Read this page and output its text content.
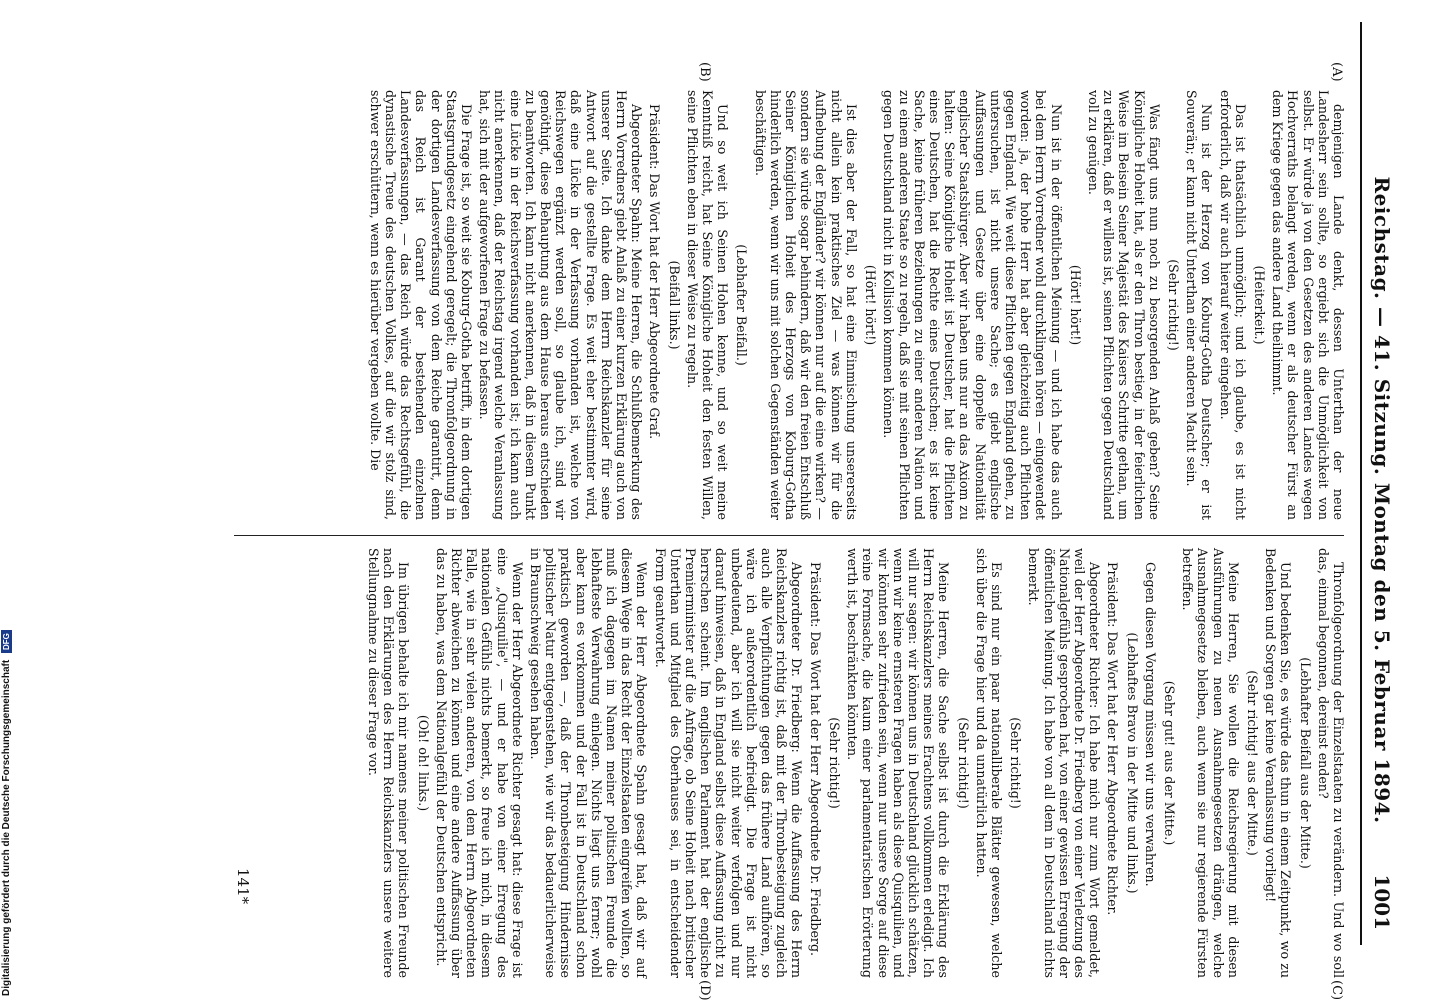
Reichstag. — 41. Sitzung. Montag den 5. Februar 1894.
1001
(A)
(B)
(C)
(D)

demjenigen Lande denkt, dessen Unterthan der neue Landesherr sein sollte, so ergiebt sich die Unmöglichkeit von selbst. Er würde ja von den Gesetzen des anderen Landes wegen Hochverraths belangt werden, wenn er als deutscher Fürst an dem Kriege gegen das andere Land theilnimmt.

(Heiterkeit.)

Das ist thatsächlich unmöglich; und ich glaube, es ist nicht erforderlich, daß wir auch hierauf weiter eingehen.

Nun ist der Herzog von Koburg-Gotha Deutscher; er ist Souverän; er kann nicht Unterthan einer anderen Macht sein.

(Sehr richtig!)

Was fängt uns nun noch zu besorgenden Anlaß geben? Seine Königliche Hoheit hat, als er den Thron bestieg, in der feierlichen Weise im Beisein Seiner Majestät des Kaisers Schritte gethan, um zu erklären, daß er willens ist, seinen Pflichten gegen Deutschland voll zu genügen.

(Hört! hört!)

Nun ist in der öffentlichen Meinung — und ich habe das auch bei dem Herrn Vorredner wohl durchklingen hören — eingewendet worden: ja, der hohe Herr hat aber gleichzeitig auch Pflichten gegen England. Wie weit diese Pflichten gegen England gehen, zu untersuchen, ist nicht unsere Sache; es giebt englische Auffassungen und Gesetze über eine doppelte Nationalität englischer Staatsbürger. Aber wir haben uns nur an das Axiom zu halten: Seine Königliche Hoheit ist Deutscher, hat die Pflichten eines Deutschen, hat die Rechte eines Deutschen; es ist keine Sache, keine früheren Beziehungen zu einer anderen Nation und zu einem anderen Staate so zu regeln, daß sie mit seinen Pflichten gegen Deutschland nicht in Kollision kommen können.

(Hört! hört!)

Ist dies aber der Fall, so hat eine Einmischung unsererseits nicht allein kein praktisches Ziel — was können wir für die Aufhebung der Engländer? wir können nur auf die eine wirken? — sondern sie würde sogar behindern, daß wir den freien Entschluß Seiner Königlichen Hoheit des Herzogs von Koburg-Gotha hinderlich werden, wenn wir uns mit solchen Gegenständen weiter beschäftigen.

(Lebhafter Beifall.)

Und so weit ich Seinen Hohen kenne, und so weit meine Kenntniß reicht, hat Seine Königliche Hoheit den festen Willen, seine Pflichten eben in dieser Weise zu regeln.

(Beifall links.)

Präsident: Das Wort hat der Herr Abgeordnete Graf.

Abgeordneter Spahn: Meine Herren, die Schlußbemerkung des Herrn Vorredners giebt Anlaß zu einer kurzen Erklärung auch von unserer Seite. Ich danke dem Herrn Reichskanzler für seine Antwort auf die gestellte Frage. Es weit eher bestimmter wird, daß eine Lücke in der Verfassung vorhanden ist, welche von Reichswegen ergänzt werden soll, so glaube ich, sind wir genöthigt, diese Behauptung aus dem Hause heraus entschieden zu beantworten. Ich kann nicht anerkennen, daß in diesem Punkt eine Lücke in der Reichsverfassung vorhanden ist; ich kann auch nicht anerkennen, daß der Reichstag irgend welche Veranlassung hat, sich mit der aufgeworfenen Frage zu befassen.

Die Frage ist, so weit sie Koburg-Gotha betrifft, in dem dortigen Staatsgrundgesetz eingehend geregelt; die Thronfolgeordnung in der dortigen Landesverfassung von dem Reiche garantirt, denn das Reich ist Garant der bestehenden einzelnen Landesverfassungen, — das Reich würde das Rechtsgefühl, die dynastische Treue des deutschen Volkes, auf die wir stolz sind, schwer erschüttern, wenn es hierüber vergeben wollte. Die

Thronfolgeordnung der Einzelstaaten zu verändern. Und wo soll das, einmal begonnen, dereinst enden?

(Lebhafter Beifall aus der Mitte.)

Und bedenken Sie, es würde das thun in einem Zeitpunkt, wo zu Bedenken und Sorgen gar keine Veranlassung vorliegt!

(Sehr richtig! aus der Mitte.)

Meine Herren, Sie wollen die Reichsregierung mit diesen Ausführungen zu neuen Ausnahmegesetzen drängen, welche Ausnahmegesetze bleiben, auch wenn sie nur regierende Fürsten betreffen.

(Sehr gut! aus der Mitte.)

Gegen diesen Vorgang müssen wir uns verwahren.

(Lebhaftes Bravo in der Mitte und links.)

Präsident: Das Wort hat der Herr Abgeordnete Richter.

Abgeordneter Richter: Ich habe mich nur zum Wort gemeldet, weil der Herr Abgeordnete Dr. Friedberg von einer Verletzung des Nationalgefühls gesprochen hat, von einer gewissen Erregung der öffentlichen Meinung. Ich habe von all dem in Deutschland nichts bemerkt.

(Sehr richtig!)

Es sind nur ein paar nationalliberale Blätter gewesen, welche sich über die Frage hier und da unnatürlich hatten.

(Sehr richtig!)

Meine Herren, die Sache selbst ist durch die Erklärung des Herrn Reichskanzlers meines Erachtens vollkommen erledigt. Ich will nur sagen: wir können uns in Deutschland glücklich schätzen, wenn wir keine ernsteren Fragen haben als diese Quisquilien, und wir könnten sehr zufrieden sein, wenn nur unsere Sorge auf diese reine Formsache, die kaum einer parlamentarischen Erörterung werth ist, beschränkten könnten.

(Sehr richtig!)

Präsident: Das Wort hat der Herr Abgeordnete Dr. Friedberg.

Abgeordneter Dr. Friedberg: Wenn die Auffassung des Herrn Reichskanzlers richtig ist, daß mit der Thronbesteigung zugleich auch alle Verpflichtungen gegen das frühere Land aufhören, so wäre ich außerordentlich befriedigt. Die Frage ist nicht unbedeutend, aber ich will sie nicht weiter verfolgen und nur darauf hinweisen, daß in England selbst diese Auffassung nicht zu herrschen scheint. Im englischen Parlament hat der englische Premierminister auf die Anfrage, ob Seine Hoheit nach britischer Unterthan und Mitglied des Oberhauses sei, in entscheidender Form geantwortet.

Wenn der Herr Abgeordnete Spahn gesagt hat, daß wir auf diesem Wege in das Recht der Einzelstaaten eingreifen wollten, so muß ich dagegen im Namen meiner politischen Freunde die lebhafteste Verwahrung einlegen. Nichts liegt uns ferner; wohl aber kann es vorkommen und der Fall ist in Deutschland schon praktisch geworden —, daß der Thronbesteigung Hindernisse politischer Natur entgegenstehen, wie wir das bedauerlicherweise in Braunschweig gesehen haben.

Wenn der Herr Abgeordnete Richter gesagt hat: diese Frage ist eine „Quisquilie", — und er habe von einer Erregung des nationalen Gefühls nichts bemerkt, so freue ich mich, in diesem Falle, wie in sehr vielen anderen, von dem Herrn Abgeordneten Richter abweichen zu können und eine andere Auffassung über das zu haben, was dem Nationalgefühl der Deutschen entspricht.

(Oh! oh! links.)

Im übrigen behalte ich mir namens meiner politischen Freunde nach den Erklärungen des Herrn Reichskanzlers unsere weitere Stellungnahme zu dieser Frage vor.

141*
Digitalisierung gefördert durch die Deutsche Forschungsgemeinschaft DFG
